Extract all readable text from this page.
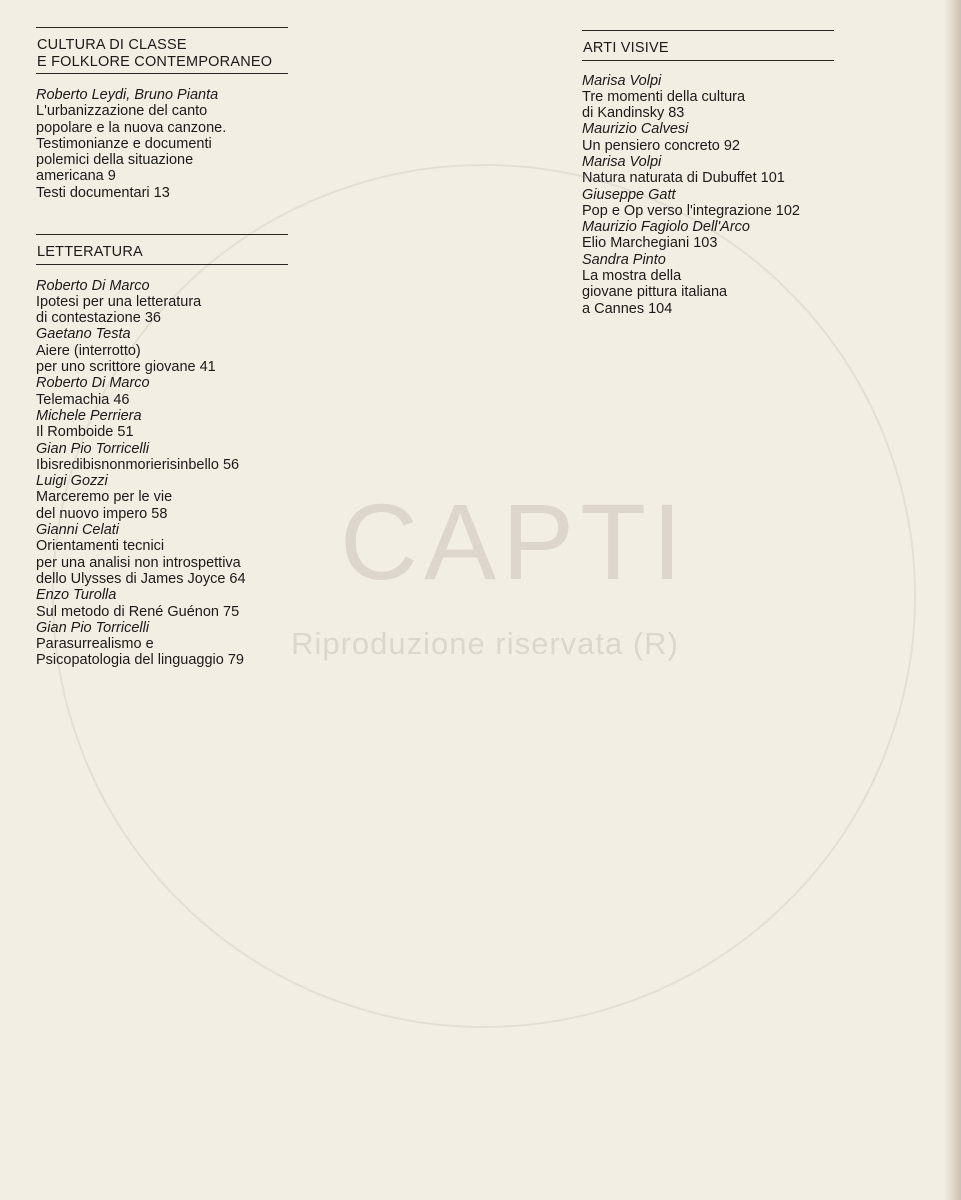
CAPTI
Riproduzione riservata (R)
CULTURA DI CLASSE
E FOLKLORE CONTEMPORANEO
Roberto Leydi, Bruno Pianta
L'urbanizzazione del canto
popolare e la nuova canzone.
Testimonianze e documenti
polemici della situazione
americana 9
Testi documentari 13
LETTERATURA
Roberto Di Marco
Ipotesi per una letteratura
di contestazione 36
Gaetano Testa
Aiere (interrotto)
per uno scrittore giovane 41
Roberto Di Marco
Telemachia 46
Michele Perriera
Il Romboide 51
Gian Pio Torricelli
Ibisredibisnonmorierisinbello 56
Luigi Gozzi
Marceremo per le vie
del nuovo impero 58
Gianni Celati
Orientamenti tecnici
per una analisi non introspettiva
dello Ulysses di James Joyce 64
Enzo Turolla
Sul metodo di René Guénon 75
Gian Pio Torricelli
Parasurrealismo e
Psicopatologia del linguaggio 79
ARTI VISIVE
Marisa Volpi
Tre momenti della cultura
di Kandinsky 83
Maurizio Calvesi
Un pensiero concreto 92
Marisa Volpi
Natura naturata di Dubuffet 101
Giuseppe Gatt
Pop e Op verso l'integrazione 102
Maurizio Fagiolo Dell'Arco
Elio Marchegiani 103
Sandra Pinto
La mostra della
giovane pittura italiana
a Cannes 104
